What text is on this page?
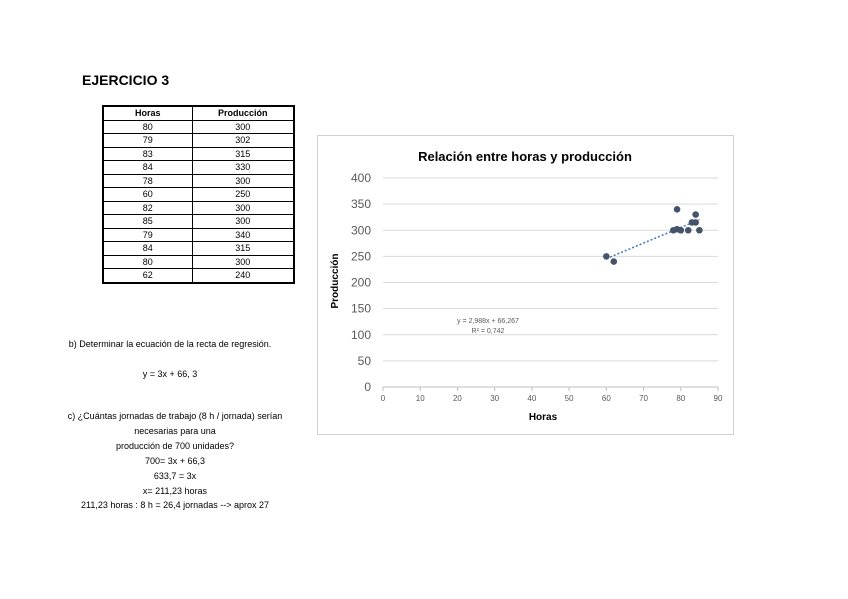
EJERCICIO 3
Horas	Producción
80	300
79	302
83	315
84	330
78	300
60	250
82	300
85	300
79	340
84	315
80	300
62	240
b) Determinar la ecuación de la recta de regresión.
y = 3x + 66, 3
c) ¿Cuántas jornadas de trabajo (8 h / jornada) serían
necesarias para una
producción de 700 unidades?
700= 3x + 66,3
633,7 = 3x
x= 211,23 horas
211,23 horas : 8 h = 26,4 jornadas --> aprox 27
Relación entre horas y producción
Horas
Producción
y = 2,988x + 66,267
R² = 0,742
0
50
100
150
200
250
300
350
400
0	10	20	30	40	50	60	70	80	90
